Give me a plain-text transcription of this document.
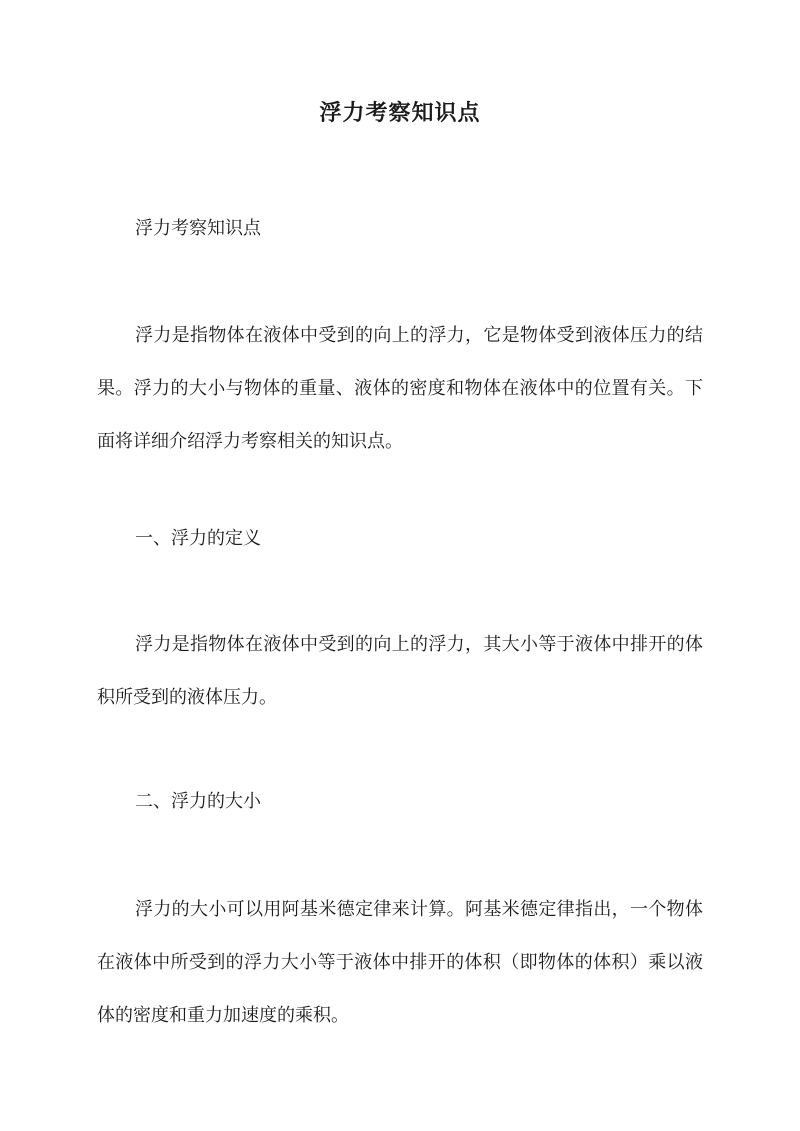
浮力考察知识点

浮力考察知识点

浮力是指物体在液体中受到的向上的浮力，它是物体受到液体压力的结果。浮力的大小与物体的重量、液体的密度和物体在液体中的位置有关。下面将详细介绍浮力考察相关的知识点。

一、浮力的定义

浮力是指物体在液体中受到的向上的浮力，其大小等于液体中排开的体积所受到的液体压力。

二、浮力的大小

浮力的大小可以用阿基米德定律来计算。阿基米德定律指出，一个物体在液体中所受到的浮力大小等于液体中排开的体积（即物体的体积）乘以液体的密度和重力加速度的乘积。
